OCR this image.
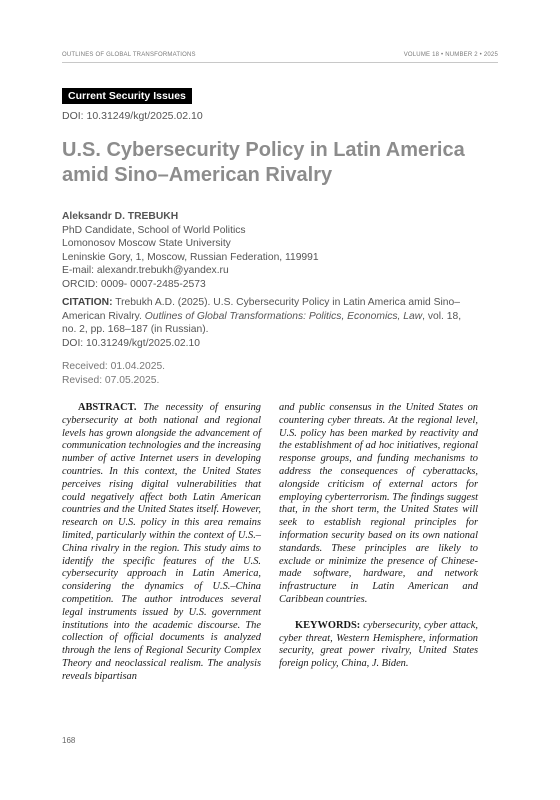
OUTLINES OF GLOBAL TRANSFORMATIONS	VOLUME 18 • NUMBER 2 • 2025
Current Security Issues
DOI: 10.31249/kgt/2025.02.10
U.S. Cybersecurity Policy in Latin America amid Sino–American Rivalry
Aleksandr D. TREBUKH
PhD Candidate, School of World Politics
Lomonosov Moscow State University
Leninskie Gory, 1, Moscow, Russian Federation, 119991
E-mail: alexandr.trebukh@yandex.ru
ORCID: 0009- 0007-2485-2573
CITATION: Trebukh A.D. (2025). U.S. Cybersecurity Policy in Latin America amid Sino–American Rivalry. Outlines of Global Transformations: Politics, Economics, Law, vol. 18, no. 2, pp. 168–187 (in Russian).
DOI: 10.31249/kgt/2025.02.10
Received: 01.04.2025.
Revised: 07.05.2025.
ABSTRACT. The necessity of ensuring cybersecurity at both national and regional levels has grown alongside the advancement of communication technologies and the increasing number of active Internet users in developing countries. In this context, the United States perceives rising digital vulnerabilities that could negatively affect both Latin American countries and the United States itself. However, research on U.S. policy in this area remains limited, particularly within the context of U.S.–China rivalry in the region. This study aims to identify the specific features of the U.S. cybersecurity approach in Latin America, considering the dynamics of U.S.–China competition. The author introduces several legal instruments issued by U.S. government institutions into the academic discourse. The collection of official documents is analyzed through the lens of Regional Security Complex Theory and neoclassical realism. The analysis reveals bipartisan
and public consensus in the United States on countering cyber threats. At the regional level, U.S. policy has been marked by reactivity and the establishment of ad hoc initiatives, regional response groups, and funding mechanisms to address the consequences of cyberattacks, alongside criticism of external actors for employing cyberterrorism. The findings suggest that, in the short term, the United States will seek to establish regional principles for information security based on its own national standards. These principles are likely to exclude or minimize the presence of Chinese-made software, hardware, and network infrastructure in Latin American and Caribbean countries.
KEYWORDS: cybersecurity, cyber attack, cyber threat, Western Hemisphere, information security, great power rivalry, United States foreign policy, China, J. Biden.
168
